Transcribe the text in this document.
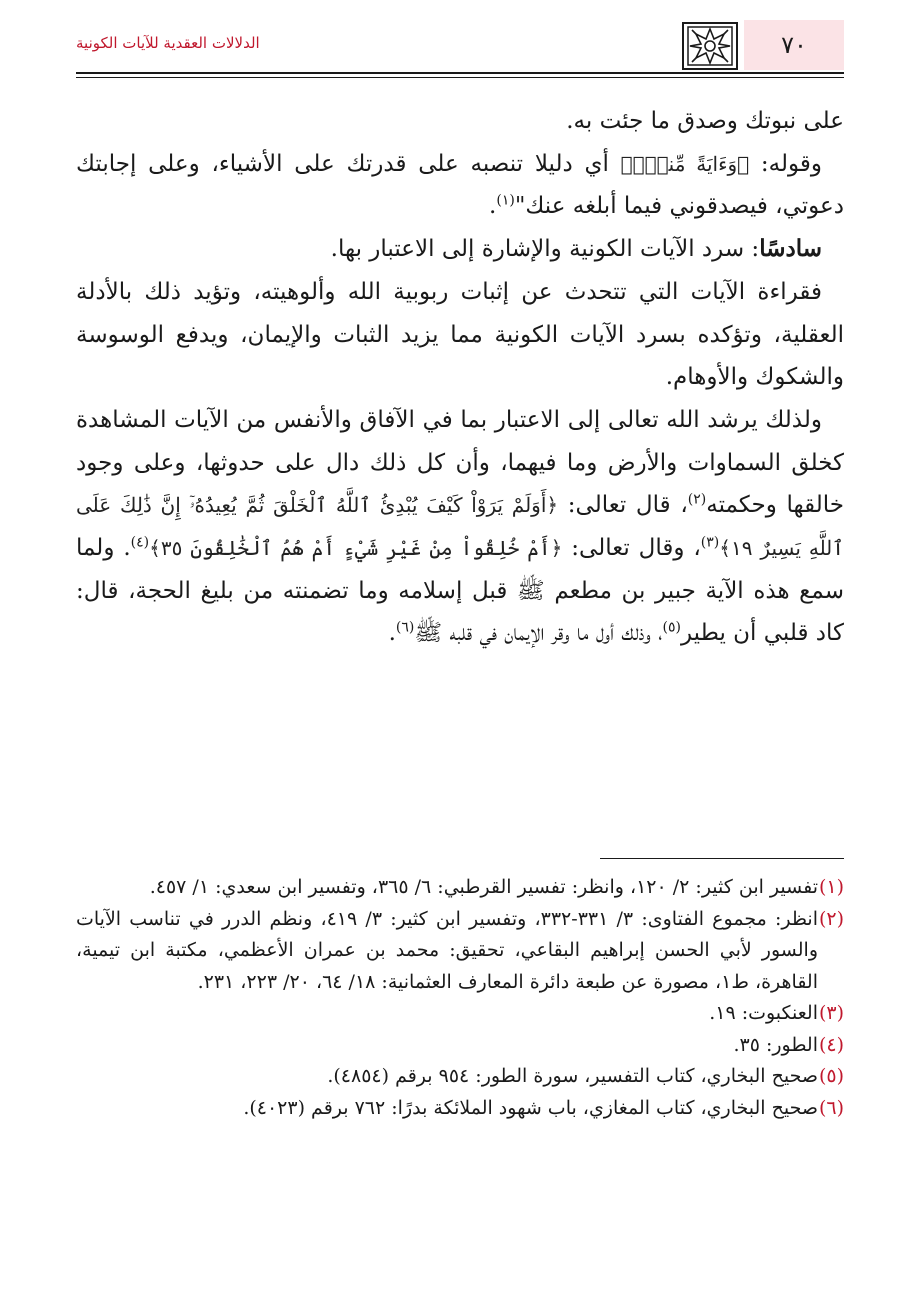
٧٠
الدلالات العقدية للآيات الكونية

على نبوتك وصدق ما جئت به.

وقوله: ﴿وَءَايَةً مِّنكَۖ﴾ أي دليلا تنصبه على قدرتك على الأشياء، وعلى إجابتك دعوتي، فيصدقوني فيما أبلغه عنك"$^{(١)}$.

سادسًا: سرد الآيات الكونية والإشارة إلى الاعتبار بها.

فقراءة الآيات التي تتحدث عن إثبات ربوبية الله وألوهيته، وتؤيد ذلك بالأدلة العقلية، وتؤكده بسرد الآيات الكونية مما يزيد الثبات والإيمان، ويدفع الوسوسة والشكوك والأوهام.

ولذلك يرشد الله تعالى إلى الاعتبار بما في الآفاق والأنفس من الآيات المشاهدة كخلق السماوات والأرض وما فيهما، وأن كل ذلك دال على حدوثها، وعلى وجود خالقها وحكمته$^{(٢)}$، قال تعالى: ﴿أَوَلَمْ يَرَوْاْ كَيْفَ يُبْدِئُ ٱللَّهُ ٱلْخَلْقَ ثُمَّ يُعِيدُهُۥٓ إِنَّ ذَٰلِكَ عَلَى ٱللَّهِ يَسِيرٌ ١٩﴾$^{(٣)}$، وقال تعالى: ﴿أَمْ خُلِقُواْ مِنْ غَيْرِ شَيْءٍ أَمْ هُمُ ٱلْخَٰلِقُونَ ٣٥﴾$^{(٤)}$. ولما سمع هذه الآية جبير بن مطعم ﷺ قبل إسلامه وما تضمنته من بليغ الحجة، قال: كاد قلبي أن يطير$^{(٥)}$، وذلك أول ما وقر الإيمان في قلبه ﷺ$^{(٦)}$.

(١)
تفسير ابن كثير: ٢/ ١٢٠، وانظر: تفسير القرطبي: ٦/ ٣٦٥، وتفسير ابن سعدي: ١/ ٤٥٧.

(٢)
انظر: مجموع الفتاوى: ٣/ ٣٣١-٣٣٢، وتفسير ابن كثير: ٣/ ٤١٩، ونظم الدرر في تناسب الآيات والسور لأبي الحسن إبراهيم البقاعي، تحقيق: محمد بن عمران الأعظمي، مكتبة ابن تيمية، القاهرة، ط١، مصورة عن طبعة دائرة المعارف العثمانية: ١٨/ ٦٤، ٢٠/ ٢٢٣، ٢٣١.

(٣)
العنكبوت: ١٩.

(٤)
الطور: ٣٥.

(٥)
صحيح البخاري، كتاب التفسير، سورة الطور: ٩٥٤ برقم (٤٨٥٤).

(٦)
صحيح البخاري، كتاب المغازي، باب شهود الملائكة بدرًا: ٧٦٢ برقم (٤٠٢٣).
